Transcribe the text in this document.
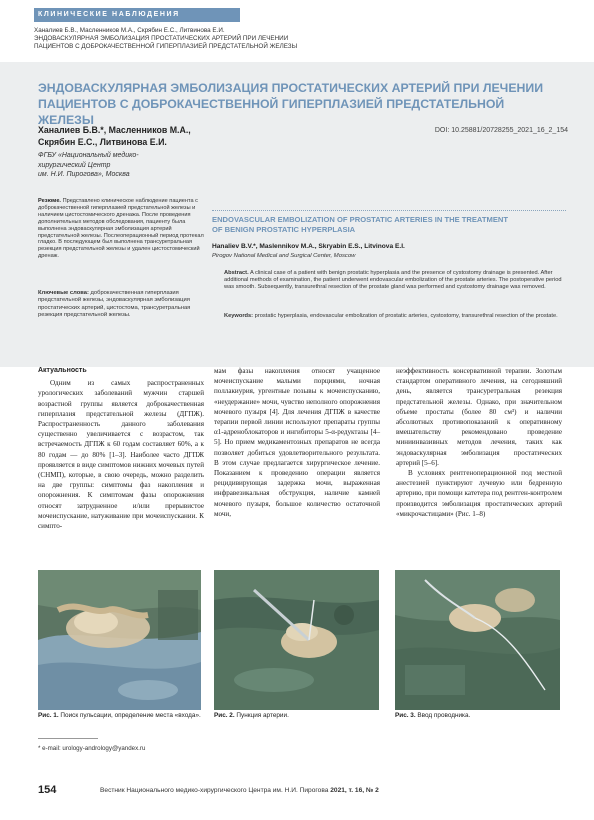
КЛИНИЧЕСКИЕ НАБЛЮДЕНИЯ
Ханалиев Б.В., Масленников М.А., Скрябин Е.С., Литвинова Е.И.
ЭНДОВАСКУЛЯРНАЯ ЭМБОЛИЗАЦИЯ ПРОСТАТИЧЕСКИХ АРТЕРИЙ ПРИ ЛЕЧЕНИИ
ПАЦИЕНТОВ С ДОБРОКАЧЕСТВЕННОЙ ГИПЕРПЛАЗИЕЙ ПРЕДСТАТЕЛЬНОЙ ЖЕЛЕЗЫ
ЭНДОВАСКУЛЯРНАЯ ЭМБОЛИЗАЦИЯ ПРОСТАТИЧЕСКИХ АРТЕРИЙ ПРИ ЛЕЧЕНИИ
ПАЦИЕНТОВ С ДОБРОКАЧЕСТВЕННОЙ ГИПЕРПЛАЗИЕЙ ПРЕДСТАТЕЛЬНОЙ ЖЕЛЕЗЫ
Ханалиев Б.В.*, Масленников М.А.,
Скрябин Е.С., Литвинова Е.И.
ФГБУ «Национальный медико-
хирургический Центр
им. Н.И. Пирогова», Москва
DOI: 10.25881/20728255_2021_16_2_154
Резюме. Представлено клиническое наблюдение пациента с доброкачественной гиперплазией предстательной железы и наличием цистостомического дренажа. После проведения дополнительных методов обследования, пациенту была выполнена эндоваскулярная эмболизация артерий предстательной железы. Послеоперационный период протекал гладко. В последующем был выполнена трансуретральная резекция предстательной железы и удален цистостомический дренаж.
Ключевые слова: доброкачественная гиперплазия предстательной железы, эндоваскулярная эмболизация простатических артерий, цистостома, трансуретральная резекция предстательной железы.
ENDOVASCULAR EMBOLIZATION OF PROSTATIC ARTERIES IN THE TREATMENT
OF BENIGN PROSTATIC HYPERPLASIA
Hanaliev B.V.*, Maslennikov M.A., Skryabin E.S., Litvinova E.I.
Pirogov National Medical and Surgical Center, Moscow
Abstract. A clinical case of a patient with benign prostatic hyperplasia and the presence of cystostomy drainage is presented. After additional methods of examination, the patient underwent endovascular embolization of the prostate arteries. The postoperative period was smooth. Subsequently, transurethral resection of the prostate gland was performed and cystostomy drainage was removed.
Keywords: prostatic hyperplasia, endovascular embolization of prostatic arteries, cystostomy, transurethral resection of the prostate.
Актуальность
Одним из самых распространенных урологических заболеваний мужчин старшей возрастной группы является доброкачественная гиперплазия предстательной железы (ДГПЖ). Распространенность данного заболевания существенно увеличивается с возрастом, так встречаемость ДГПЖ к 60 годам составляет 60%, а к 80 годам — до 80% [1–3]. Наиболее часто ДГПЖ проявляется в виде симптомов нижних мочевых путей (СНМП), которые, в свою очередь, можно разделить на две группы: симптомы фаз накопления и опорожнения. К симптомам фазы опорожнения относят затрудненное и/или прерывистое мочеиспускание, натуживание при мочеиспускании. К симпто-
мам фазы накопления относят учащенное мочеиспускание малыми порциями, ночная поллакиурия, ургентные позывы к мочеиспусканию, «неудержание» мочи, чувство неполного опорожнения мочевого пузыря [4]. Для лечения ДГПЖ в качестве терапии первой линии используют препараты группы α1-адреноблокаторов и ингибиторы 5-α-редуктазы [4–5]. Но прием медикаментозных препаратов не всегда позволяет добиться удовлетворительного результата. В этом случае предлагается хирургическое лечение. Показанием к проведению операции является рецидивирующая задержка мочи, выраженная инфравезикальная обструкция, наличие камней мочевого пузыря, большое количество остаточной мочи,
неэффективность консервативной терапии. Золотым стандартом оперативного лечения, на сегодняшний день, является трансуретральная резекция предстательной железы. Однако, при значительном объеме простаты (более 80 см³) и наличии абсолютных противопоказаний к оперативному вмешательству рекомендовано проведение миниинвазивных методов лечения, таких как эндоваскулярная эмболизация простатических артерий [5–6].
В условиях рентгеноперационной под местной анестезией пунктируют лучевую или бедренную артерию, при помощи катетера под рентген-контролем производится эмболизация простатических артерий «микрочастицами» (Рис. 1–8)
Рис. 1. Поиск пульсации, определение места «входа». Рис. 2. Пункция артерии.	Рис. 3. Ввод проводника.
* e-mail: urology-andrology@yandex.ru
154	Вестник Национального медико-хирургического Центра им. Н.И. Пирогова 2021, т. 16, № 2
